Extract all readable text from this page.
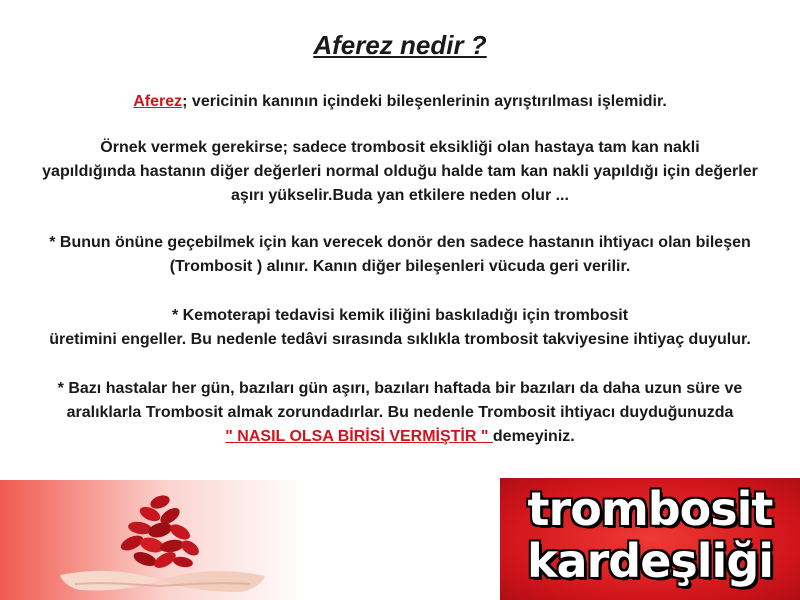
Aferez nedir ?
Aferez; vericinin kanının içindeki bileşenlerinin ayrıştırılması işlemidir.
Örnek vermek gerekirse; sadece trombosit eksikliği olan hastaya tam kan nakli
yapıldığında hastanın diğer değerleri normal olduğu halde tam kan nakli yapıldığı için değerler
aşırı yükselir.Buda yan etkilere neden olur ...
* Bunun önüne geçebilmek için kan verecek donör den sadece hastanın ihtiyacı olan bileşen
(Trombosit ) alınır. Kanın diğer bileşenleri vücuda geri verilir.
* Kemoterapi tedavisi kemik iliğini baskıladığı için trombosit
üretimini engeller. Bu nedenle tedâvi sırasında sıklıkla trombosit takviyesine ihtiyaç duyulur.
* Bazı hastalar her gün, bazıları gün aşırı, bazıları haftada bir bazıları da daha uzun süre ve
aralıklarla Trombosit almak zorundadırlar. Bu nedenle Trombosit ihtiyacı duyduğunuzda
" NASIL OLSA BİRİSİ VERMİŞTİR " demeyiniz.
trombosit
kardeşliği
